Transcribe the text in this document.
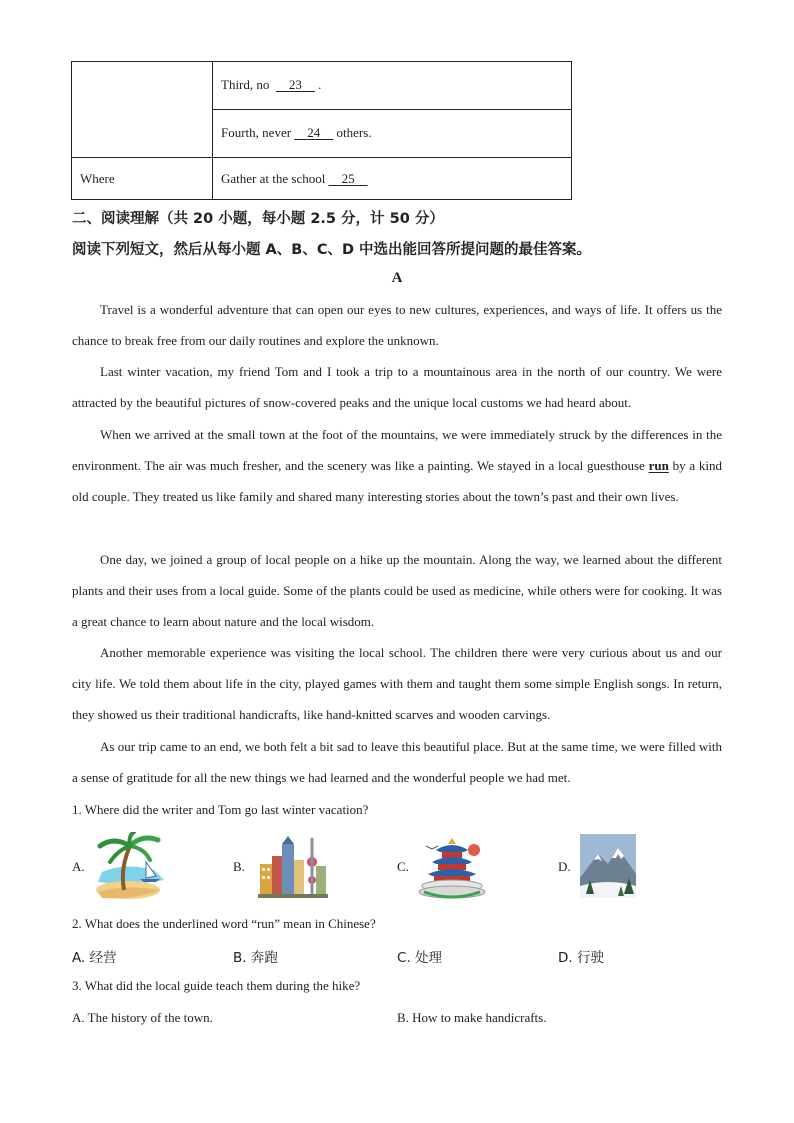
Third, no      23     .
Fourth, never     24     others.
Where	Gather at the school     25
二、阅读理解（共 20 小题，每小题 2.5 分，计 50 分）
阅读下列短文，然后从每小题 A、B、C、D 中选出能回答所提问题的最佳答案。
A
Travel is a wonderful adventure that can open our eyes to new cultures, experiences, and ways of life. It offers us the chance to break free from our daily routines and explore the unknown.
Last winter vacation, my friend Tom and I took a trip to a mountainous area in the north of our country. We were attracted by the beautiful pictures of snow-covered peaks and the unique local customs we had heard about.
When we arrived at the small town at the foot of the mountains, we were immediately struck by the differences in the environment. The air was much fresher, and the scenery was like a painting. We stayed in a local guesthouse run by a kind old couple. They treated us like family and shared many interesting stories about the town’s past and their own lives.
One day, we joined a group of local people on a hike up the mountain. Along the way, we learned about the different plants and their uses from a local guide. Some of the plants could be used as medicine, while others were for cooking. It was a great chance to learn about nature and the local wisdom.
Another memorable experience was visiting the local school. The children there were very curious about us and our city life. We told them about life in the city, played games with them and taught them some simple English songs. In return, they showed us their traditional handicrafts, like hand-knitted scarves and wooden carvings.
As our trip came to an end, we both felt a bit sad to leave this beautiful place. But at the same time, we were filled with a sense of gratitude for all the new things we had learned and the wonderful people we had met.
1. Where did the writer and Tom go last winter vacation?
A.	B.	C.	D.
2. What does the underlined word “run” mean in Chinese?
A. 经营	B. 奔跑	C. 处理	D. 行驶
3. What did the local guide teach them during the hike?
A. The history of the town.	B. How to make handicrafts.
